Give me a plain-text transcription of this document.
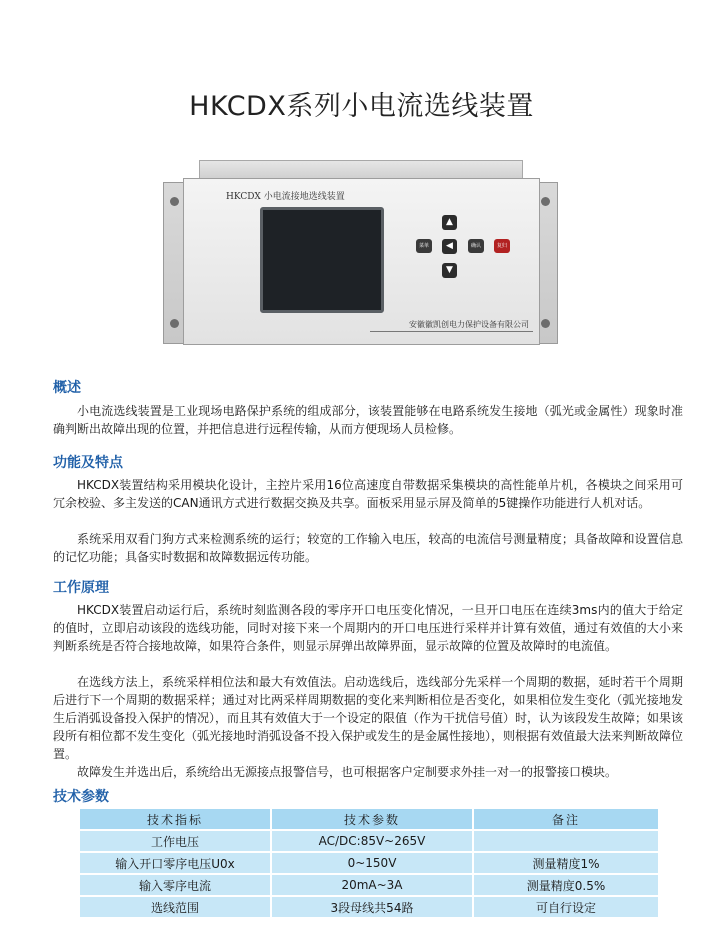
HKCDX系列小电流选线装置
HKCDX 小电流接地选线装置
菜单
▲
◀
▼
确认	复归
安徽徽凯创电力保护设备有限公司
概述
小电流选线装置是工业现场电路保护系统的组成部分，该装置能够在电路系统发生接地（弧光或金属性）现象时准确判断出故障出现的位置，并把信息进行远程传输，从而方便现场人员检修。
功能及特点
HKCDX装置结构采用模块化设计，主控片采用16位高速度自带数据采集模块的高性能单片机，各模块之间采用可冗余校验、多主发送的CAN通讯方式进行数据交换及共享。面板采用显示屏及简单的5键操作功能进行人机对话。
系统采用双看门狗方式来检测系统的运行；较宽的工作输入电压，较高的电流信号测量精度；具备故障和设置信息的记忆功能；具备实时数据和故障数据远传功能。
工作原理
HKCDX装置启动运行后，系统时刻监测各段的零序开口电压变化情况，一旦开口电压在连续3ms内的值大于给定的值时，立即启动该段的选线功能，同时对接下来一个周期内的开口电压进行采样并计算有效值，通过有效值的大小来判断系统是否符合接地故障，如果符合条件，则显示屏弹出故障界面，显示故障的位置及故障时的电流值。
在选线方法上，系统采样相位法和最大有效值法。启动选线后，选线部分先采样一个周期的数据，延时若干个周期后进行下一个周期的数据采样；通过对比两采样周期数据的变化来判断相位是否变化，如果相位发生变化（弧光接地发生后消弧设备投入保护的情况），而且其有效值大于一个设定的限值（作为干扰信号值）时，认为该段发生故障；如果该段所有相位都不发生变化（弧光接地时消弧设备不投入保护或发生的是金属性接地），则根据有效值最大法来判断故障位置。
故障发生并选出后，系统给出无源接点报警信号，也可根据客户定制要求外挂一对一的报警接口模块。
技术参数
技术指标	技术参数	备注
工作电压	AC/DC:85V~265V	
输入开口零序电压U0x	0~150V	测量精度1%
输入零序电流	20mA~3A	测量精度0.5%
选线范围	3段母线共54路	可自行设定
